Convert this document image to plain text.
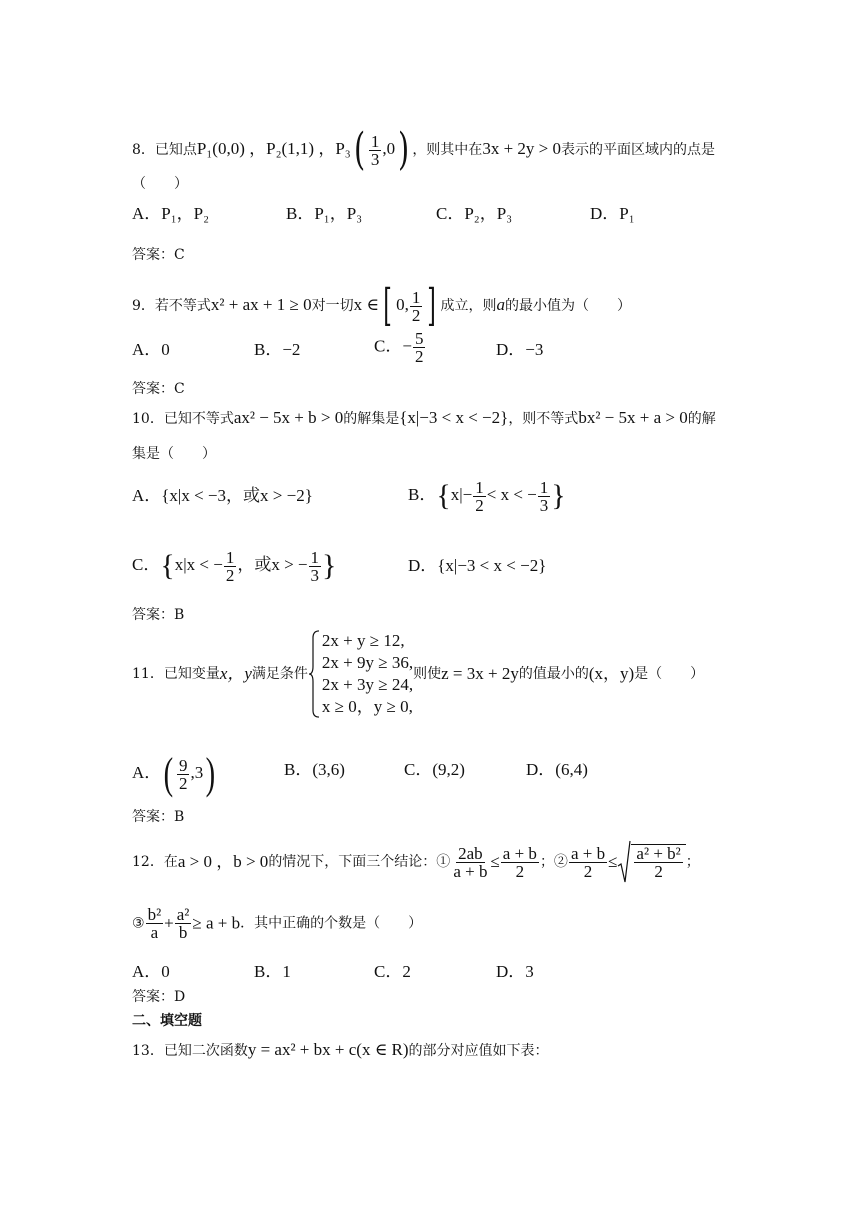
8．已知点P₁(0,0) ，P₂(1,1) ，$P_3( \frac{1}{3} ,0)$ ，则其中在3x + 2y > 0表示的平面区域内的点是
（　　）
A．P₁，P₂	B．P₁，P₃	C．P₂，P₃	D．P₁
答案：C
9．若不等式x² + ax + 1 ≥ 0对一切x ∈[ 0, $\frac{1}{2}$ ] 成立，则a的最小值为（　　）
A．0	B．−2	C．− $\frac{5}{2}$	D．−3
答案：C
10．已知不等式ax² − 5x + b > 0的解集是{x|−3 < x < −2}，则不等式bx² − 5x + a > 0的解
集是（　　）
A．{x|x < −3，或x > −2}	B．{$x|- \frac{1}{2} < x$ < − $\frac{1}{3}$ }
C．{x|x < − $\frac{1}{2}$ ，或x > − $\frac{1}{3}$ }	D．{x|−3 < x < −2}
答案：B
11．已知变量x，y满足条件
2x + y ≥ 12,
2x + 9y ≥ 36,
2x + 3y ≥ 24,
x ≥ 0，y ≥ 0,
则使z = 3x + 2y的值最小的(x，y)是（　　）
A．( $\frac{9}{2} ,3$)	B．(3,6)	C．(9,2)	D．(6,4)
答案：B
12．在a > 0 ，b > 0的情况下，下面三个结论：① $\frac{2ab}{a + b} \le \frac{a + b}{2}$ ；② $\frac{a + b}{2} \le \frac{\text{a² + b²}}{2}$ ；
③ $\frac{\text{b²}}{a} + \frac{\text{a²}}{b} \ge a + b$．其中正确的个数是（　　）
A．0	B．1	C．2	D．3
答案：D
二、填空题
13．已知二次函数y = ax² + bx + c(x ∈ R)的部分对应值如下表：
